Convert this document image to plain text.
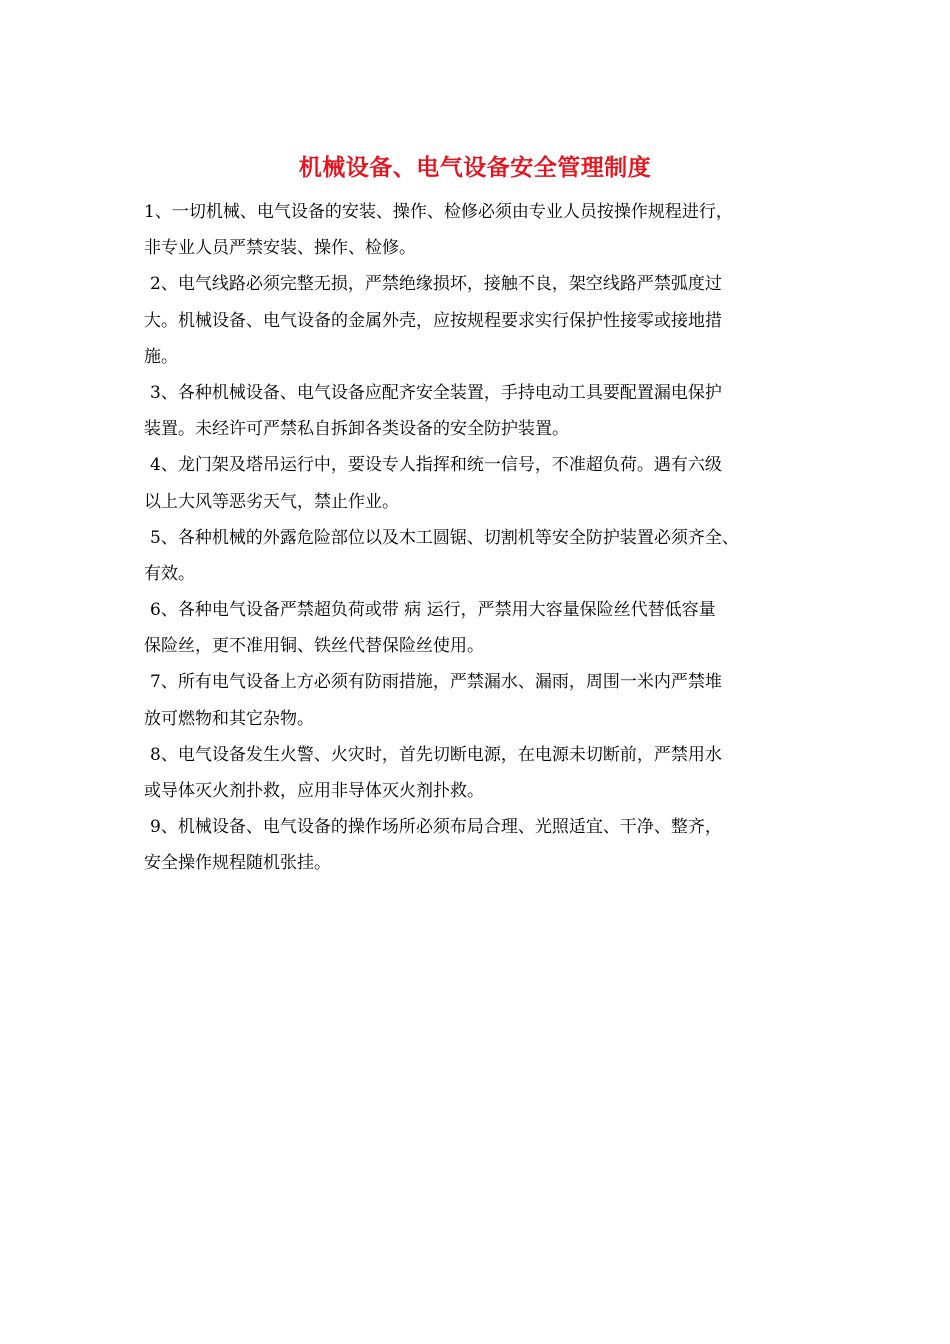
机械设备、电气设备安全管理制度
1、一切机械、电气设备的安装、操作、检修必须由专业人员按操作规程进行，
非专业人员严禁安装、操作、检修。
2、电气线路必须完整无损，严禁绝缘损坏，接触不良，架空线路严禁弧度过
大。机械设备、电气设备的金属外壳，应按规程要求实行保护性接零或接地措
施。
3、各种机械设备、电气设备应配齐安全装置，手持电动工具要配置漏电保护
装置。未经许可严禁私自拆卸各类设备的安全防护装置。
4、龙门架及塔吊运行中，要设专人指挥和统一信号，不准超负荷。遇有六级
以上大风等恶劣天气，禁止作业。
5、各种机械的外露危险部位以及木工圆锯、切割机等安全防护装置必须齐全、
有效。
6、各种电气设备严禁超负荷或带 病 运行，严禁用大容量保险丝代替低容量
保险丝，更不准用铜、铁丝代替保险丝使用。
7、所有电气设备上方必须有防雨措施，严禁漏水、漏雨，周围一米内严禁堆
放可燃物和其它杂物。
8、电气设备发生火警、火灾时，首先切断电源，在电源未切断前，严禁用水
或导体灭火剂扑救，应用非导体灭火剂扑救。
9、机械设备、电气设备的操作场所必须布局合理、光照适宜、干净、整齐，
安全操作规程随机张挂。
